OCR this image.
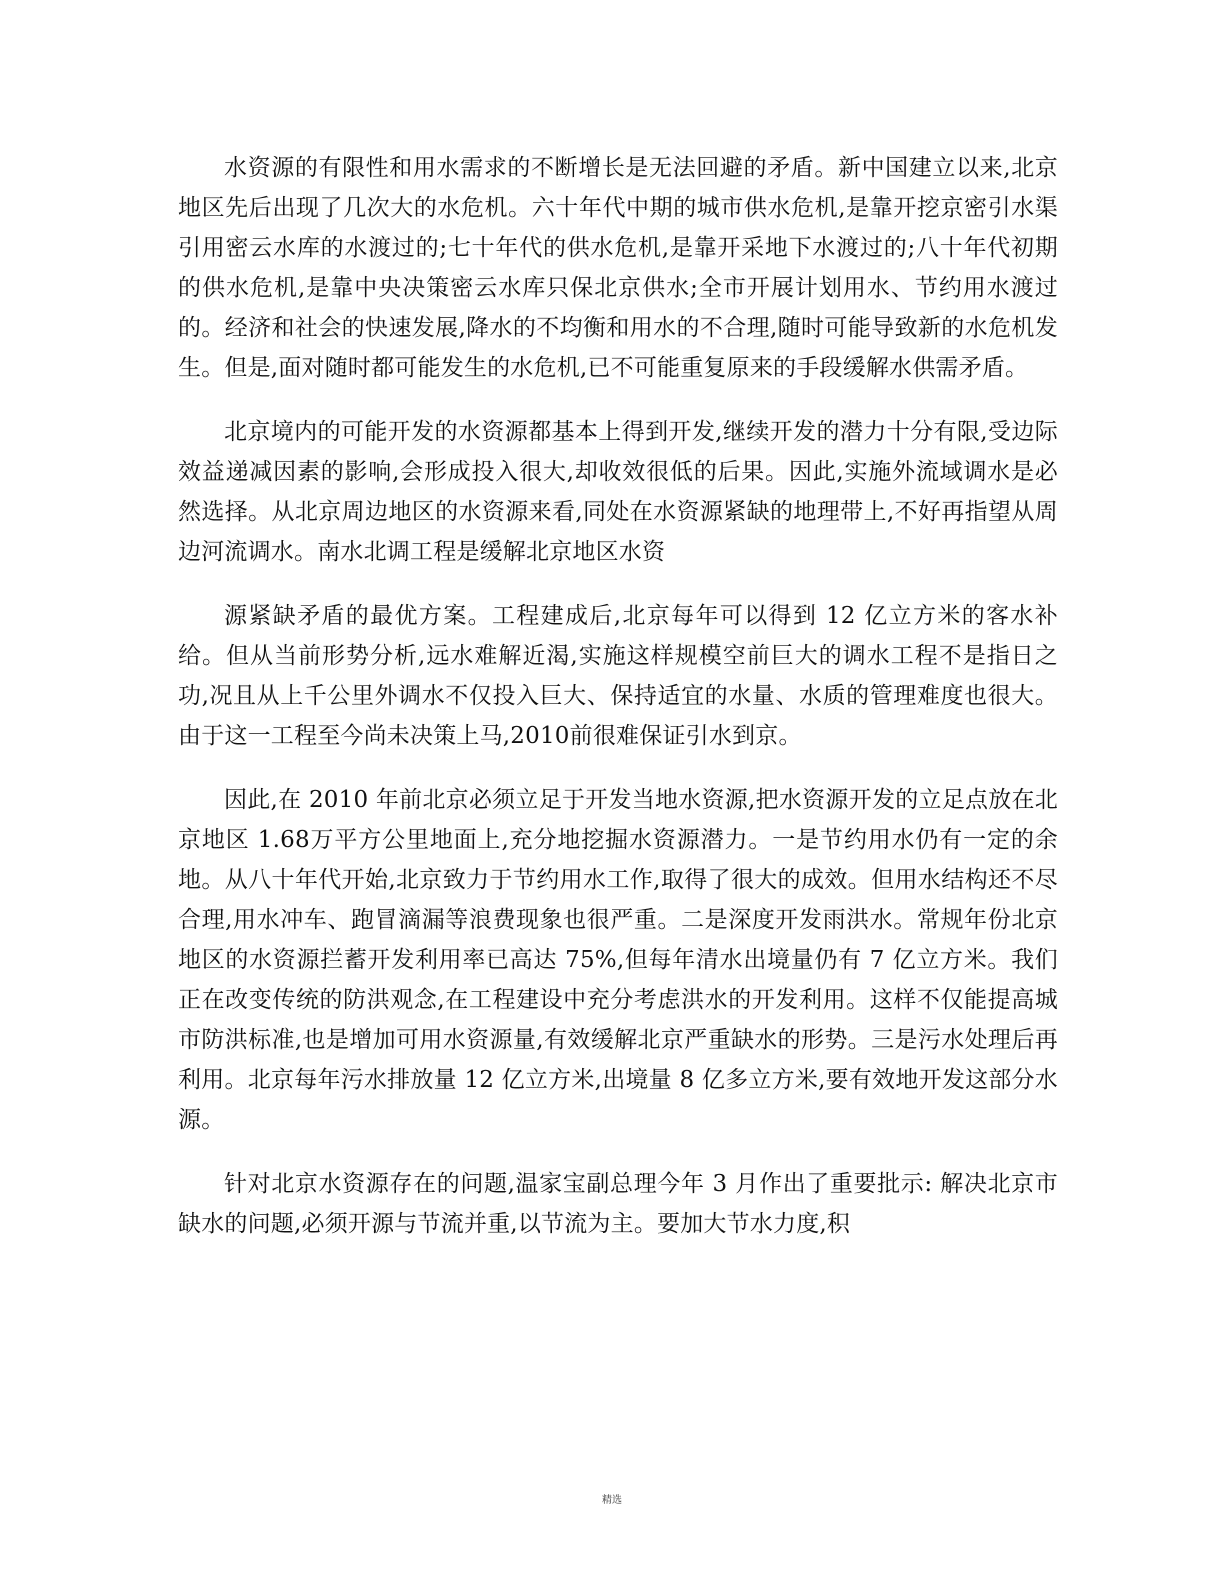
水资源的有限性和用水需求的不断增长是无法回避的矛盾。新中国建立以来,北京地区先后出现了几次大的水危机。六十年代中期的城市供水危机,是靠开挖京密引水渠引用密云水库的水渡过的;七十年代的供水危机,是靠开采地下水渡过的;八十年代初期的供水危机,是靠中央决策密云水库只保北京供水;全市开展计划用水、节约用水渡过的。经济和社会的快速发展,降水的不均衡和用水的不合理,随时可能导致新的水危机发生。但是,面对随时都可能发生的水危机,已不可能重复原来的手段缓解水供需矛盾。

北京境内的可能开发的水资源都基本上得到开发,继续开发的潜力十分有限,受边际效益递减因素的影响,会形成投入很大,却收效很低的后果。因此,实施外流域调水是必然选择。从北京周边地区的水资源来看,同处在水资源紧缺的地理带上,不好再指望从周边河流调水。南水北调工程是缓解北京地区水资

源紧缺矛盾的最优方案。工程建成后,北京每年可以得到 12 亿立方米的客水补给。但从当前形势分析,远水难解近渴,实施这样规模空前巨大的调水工程不是指日之功,况且从上千公里外调水不仅投入巨大、保持适宜的水量、水质的管理难度也很大。由于这一工程至今尚未决策上马,2010前很难保证引水到京。

因此,在 2010 年前北京必须立足于开发当地水资源,把水资源开发的立足点放在北京地区 1.68万平方公里地面上,充分地挖掘水资源潜力。一是节约用水仍有一定的余地。从八十年代开始,北京致力于节约用水工作,取得了很大的成效。但用水结构还不尽合理,用水冲车、跑冒滴漏等浪费现象也很严重。二是深度开发雨洪水。常规年份北京地区的水资源拦蓄开发利用率已高达 75%,但每年清水出境量仍有 7 亿立方米。我们正在改变传统的防洪观念,在工程建设中充分考虑洪水的开发利用。这样不仅能提高城市防洪标准,也是增加可用水资源量,有效缓解北京严重缺水的形势。三是污水处理后再利用。北京每年污水排放量 12 亿立方米,出境量 8 亿多立方米,要有效地开发这部分水源。

针对北京水资源存在的问题,温家宝副总理今年 3 月作出了重要批示: 解决北京市缺水的问题,必须开源与节流并重,以节流为主。要加大节水力度,积

精选
